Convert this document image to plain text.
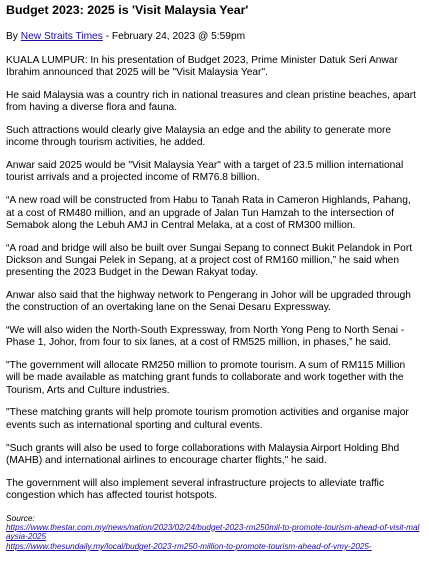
Budget 2023: 2025 is 'Visit Malaysia Year'
By New Straits Times - February 24, 2023 @ 5:59pm

KUALA LUMPUR: In his presentation of Budget 2023, Prime Minister Datuk Seri Anwar Ibrahim announced that 2025 will be "Visit Malaysia Year".

He said Malaysia was a country rich in national treasures and clean pristine beaches, apart from having a diverse flora and fauna.

Such attractions would clearly give Malaysia an edge and the ability to generate more income through tourism activities, he added.

Anwar said 2025 would be "Visit Malaysia Year" with a target of 23.5 million international tourist arrivals and a projected income of RM76.8 billion.

“A new road will be constructed from Habu to Tanah Rata in Cameron Highlands, Pahang, at a cost of RM480 million, and an upgrade of Jalan Tun Hamzah to the intersection of Semabok along the Lebuh AMJ in Central Melaka, at a cost of RM300 million.

“A road and bridge will also be built over Sungai Sepang to connect Bukit Pelandok in Port Dickson and Sungai Pelek in Sepang, at a project cost of RM160 million,” he said when presenting the 2023 Budget in the Dewan Rakyat today.

Anwar also said that the highway network to Pengerang in Johor will be upgraded through the construction of an overtaking lane on the Senai Desaru Expressway.

“We will also widen the North-South Expressway, from North Yong Peng to North Senai - Phase 1, Johor, from four to six lanes, at a cost of RM525 million, in phases,” he said.

"The government will allocate RM250 million to promote tourism. A sum of RM115 Million will be made available as matching grant funds to collaborate and work together with the Tourism, Arts and Culture industries.

"These matching grants will help promote tourism promotion activities and organise major events such as international sporting and cultural events.

"Such grants will also be used to forge collaborations with Malaysia Airport Holding Bhd (MAHB) and international airlines to encourage charter flights," he said.

The government will also implement several infrastructure projects to alleviate traffic congestion which has affected tourist hotspots.

Source:

https://www.thestar.com.my/news/nation/2023/02/24/budget-2023-rm250mil-to-promote-tourism-ahead-of-visit-malaysia-2025
https://www.thesundaily.my/local/budget-2023-rm250-million-to-promote-tourism-ahead-of-vmy-2025-
